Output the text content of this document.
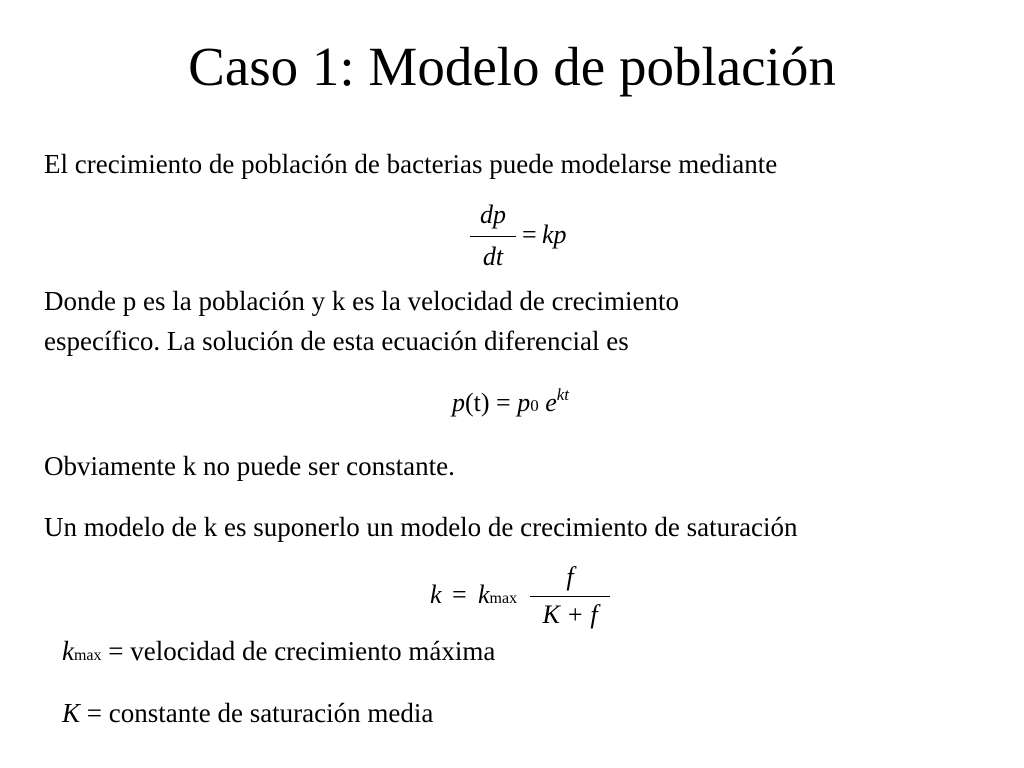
Caso 1: Modelo de población
El crecimiento de población de bacterias puede modelarse mediante
dp
dt
= kp
Donde p es la población y k es la velocidad de crecimiento
específico. La solución de esta ecuación diferencial es
p(t) = p0 $e^{kt}$
Obviamente k no puede ser constante.
Un modelo de k es suponerlo un modelo de crecimiento de saturación
k = kmax
f
K + f
kmax = velocidad de crecimiento máxima
K = constante de saturación media
